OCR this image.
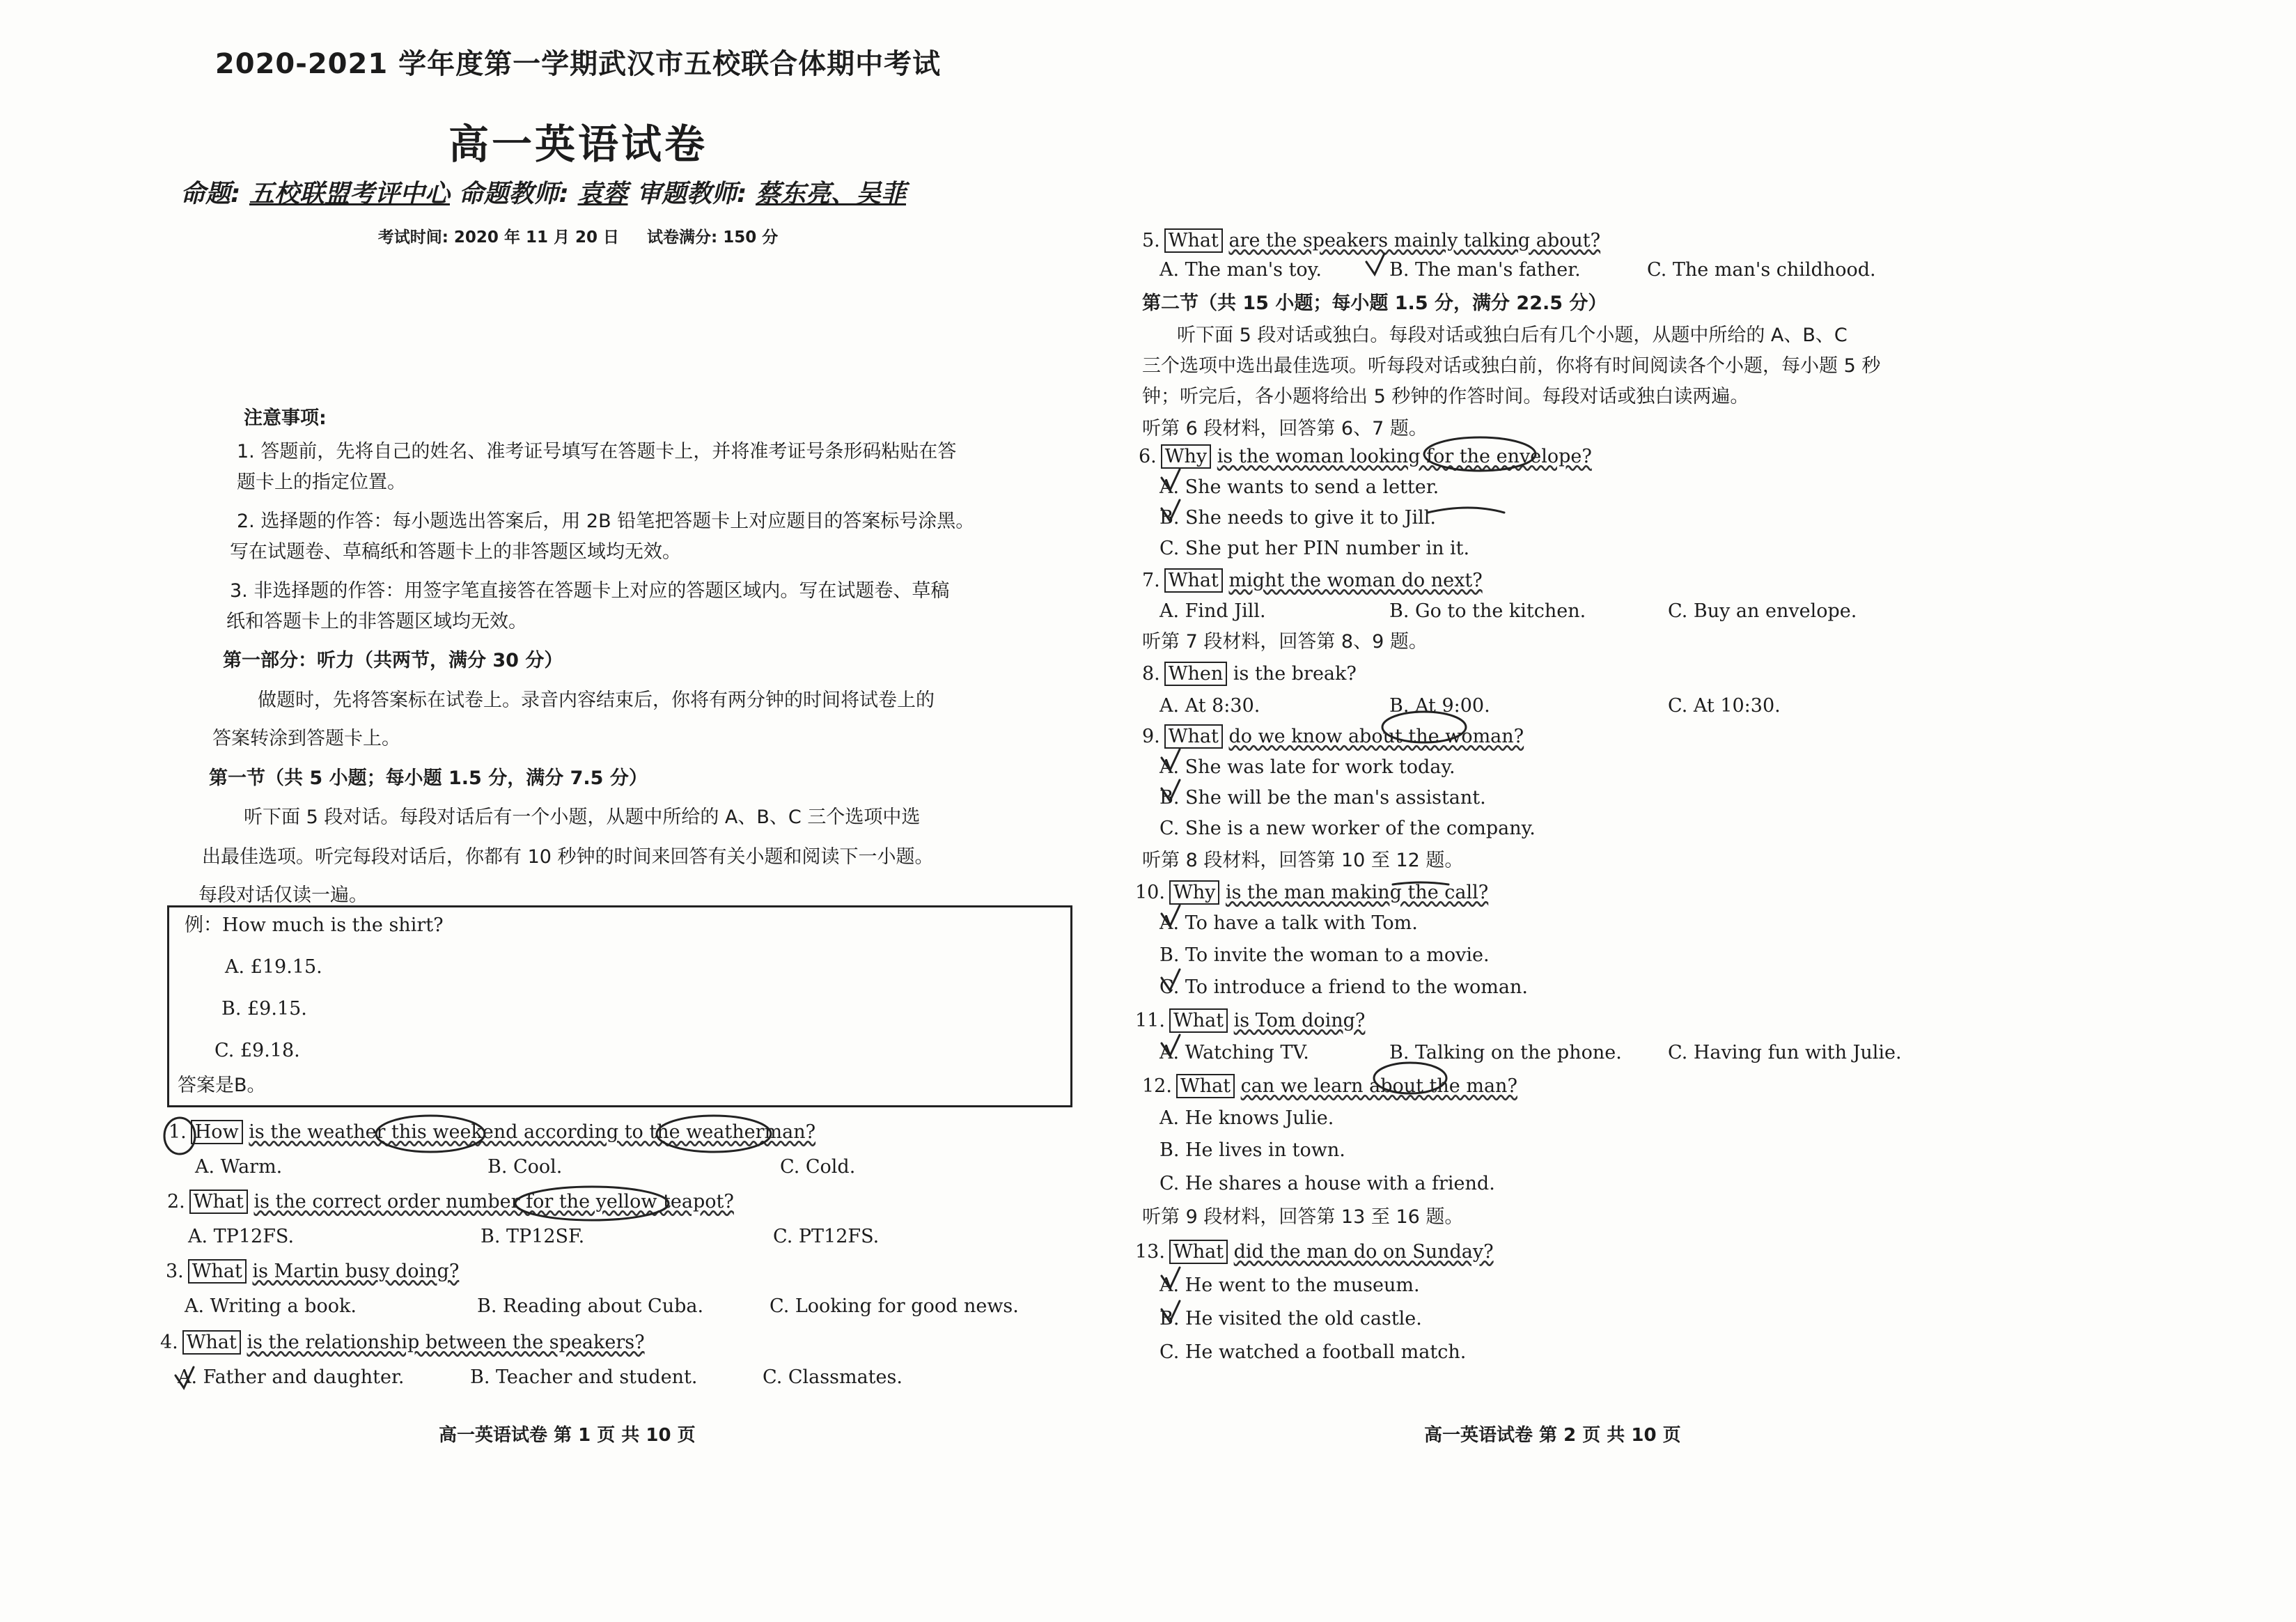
2020-2021 学年度第一学期武汉市五校联合体期中考试
高一英语试卷
命题: 五校联盟考评中心 命题教师: 袁蓉 审题教师: 蔡东亮、吴菲
考试时间: 2020 年 11 月 20 日 试卷满分: 150 分
注意事项:
1. 答题前，先将自己的姓名、准考证号填写在答题卡上，并将准考证号条形码粘贴在答
题卡上的指定位置。
2. 选择题的作答：每小题选出答案后，用 2B 铅笔把答题卡上对应题目的答案标号涂黑。
写在试题卷、草稿纸和答题卡上的非答题区域均无效。
3. 非选择题的作答：用签字笔直接答在答题卡上对应的答题区域内。写在试题卷、草稿
纸和答题卡上的非答题区域均无效。
第一部分：听力（共两节，满分 30 分）
做题时，先将答案标在试卷上。录音内容结束后，你将有两分钟的时间将试卷上的
答案转涂到答题卡上。
第一节（共 5 小题；每小题 1.5 分，满分 7.5 分）
听下面 5 段对话。每段对话后有一个小题，从题中所给的 A、B、C 三个选项中选
出最佳选项。听完每段对话后，你都有 10 秒钟的时间来回答有关小题和阅读下一小题。
每段对话仅读一遍。
例：How much is the shirt?
A. £19.15.
B. £9.15.
C. £9.18.
答案是B。
1. How is the weather this weekend according to the weatherman?
A. Warm.	B. Cool.	C. Cold.
2. What is the correct order number for the yellow teapot?
A. TP12FS.	B. TP12SF.	C. PT12FS.
3. What is Martin busy doing?
A. Writing a book.	B. Reading about Cuba.	C. Looking for good news.
4. What is the relationship between the speakers?
A. Father and daughter.	B. Teacher and student.	C. Classmates.
高一英语试卷 第 1 页 共 10 页
5. What are the speakers mainly talking about?
A. The man's toy.	B. The man's father.	C. The man's childhood.
第二节（共 15 小题；每小题 1.5 分，满分 22.5 分）
听下面 5 段对话或独白。每段对话或独白后有几个小题，从题中所给的 A、B、C
三个选项中选出最佳选项。听每段对话或独白前，你将有时间阅读各个小题，每小题 5 秒
钟；听完后，各小题将给出 5 秒钟的作答时间。每段对话或独白读两遍。
听第 6 段材料，回答第 6、7 题。
6. Why is the woman looking for the envelope?
A. She wants to send a letter.
B. She needs to give it to Jill.
C. She put her PIN number in it.
7. What might the woman do next?
A. Find Jill.	B. Go to the kitchen.	C. Buy an envelope.
听第 7 段材料，回答第 8、9 题。
8. When is the break?
A. At 8:30.	B. At 9:00.	C. At 10:30.
9. What do we know about the woman?
A. She was late for work today.
B. She will be the man's assistant.
C. She is a new worker of the company.
听第 8 段材料，回答第 10 至 12 题。
10. Why is the man making the call?
A. To have a talk with Tom.
B. To invite the woman to a movie.
C. To introduce a friend to the woman.
11. What is Tom doing?
A. Watching TV.	B. Talking on the phone.	C. Having fun with Julie.
12. What can we learn about the man?
A. He knows Julie.
B. He lives in town.
C. He shares a house with a friend.
听第 9 段材料，回答第 13 至 16 题。
13. What did the man do on Sunday?
A. He went to the museum.
B. He visited the old castle.
C. He watched a football match.
高一英语试卷 第 2 页 共 10 页
